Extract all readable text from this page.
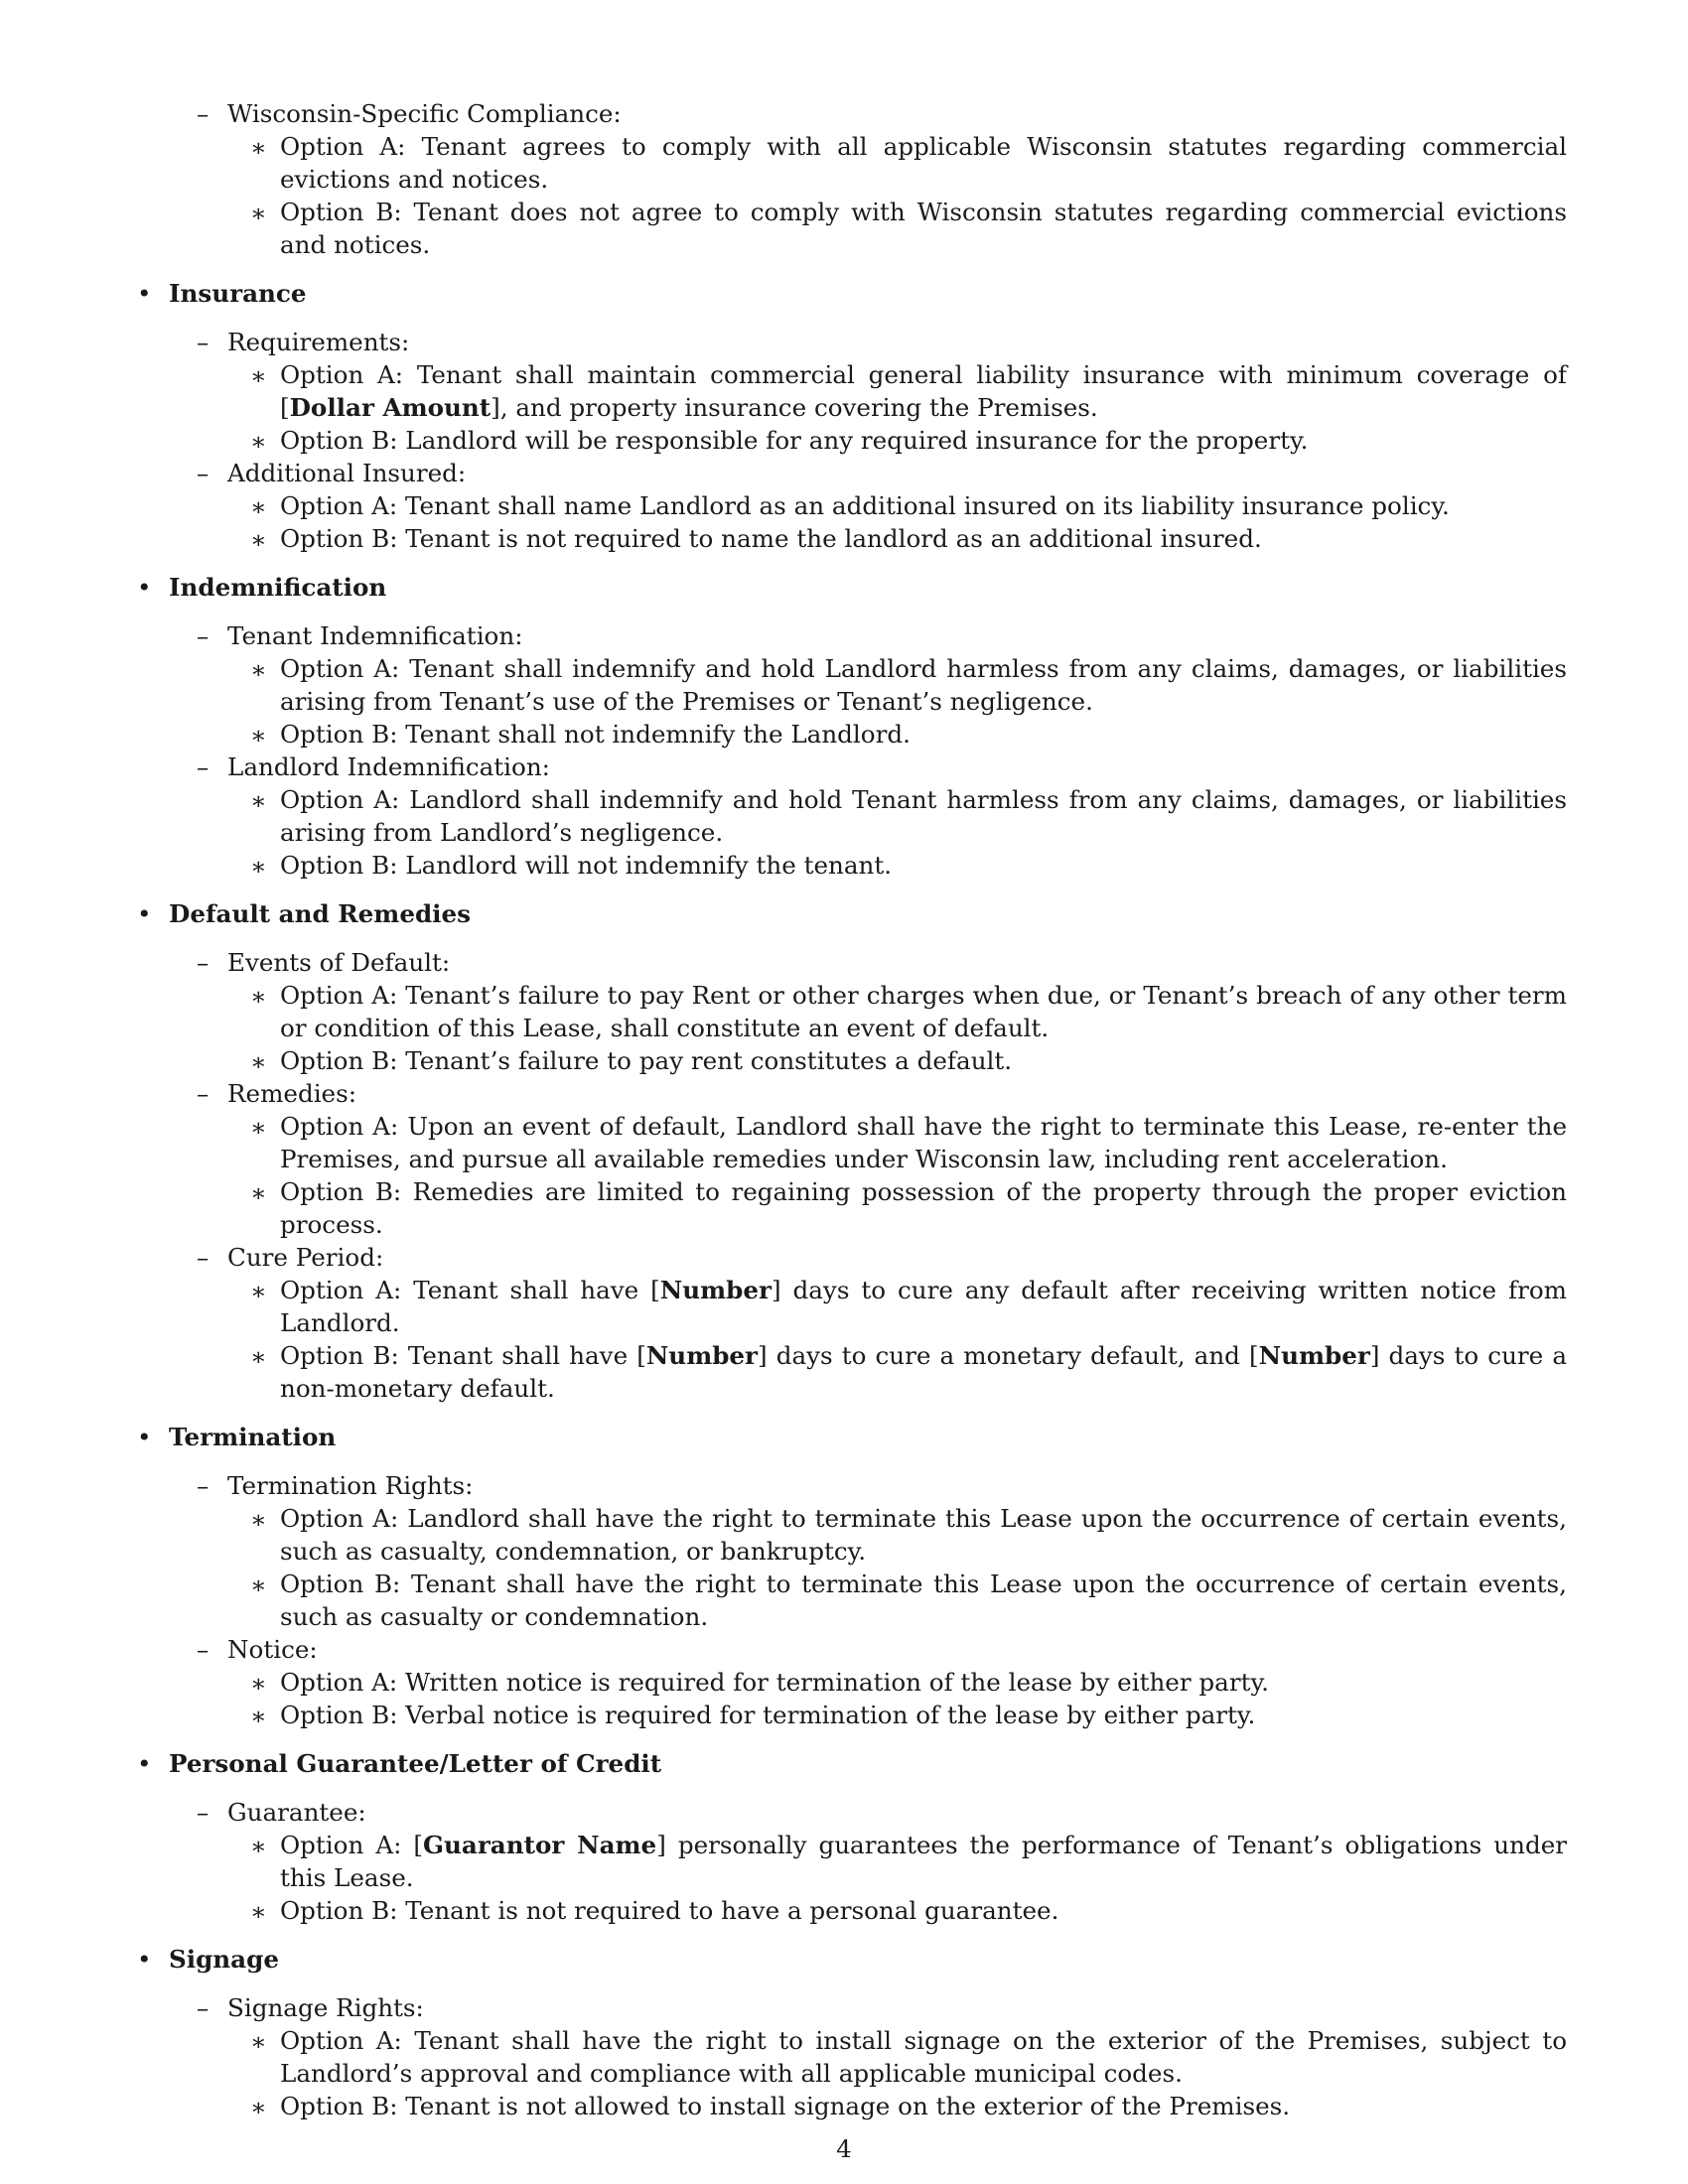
– Wisconsin-Specific Compliance:
∗ Option A: Tenant agrees to comply with all applicable Wisconsin statutes regarding commercial evictions and notices.
∗ Option B: Tenant does not agree to comply with Wisconsin statutes regarding commercial evictions and notices.
• Insurance
– Requirements:
∗ Option A: Tenant shall maintain commercial general liability insurance with minimum coverage of [Dollar Amount], and property insurance covering the Premises.
∗ Option B: Landlord will be responsible for any required insurance for the property.
– Additional Insured:
∗ Option A: Tenant shall name Landlord as an additional insured on its liability insurance policy.
∗ Option B: Tenant is not required to name the landlord as an additional insured.
• Indemnification
– Tenant Indemnification:
∗ Option A: Tenant shall indemnify and hold Landlord harmless from any claims, damages, or liabilities arising from Tenant’s use of the Premises or Tenant’s negligence.
∗ Option B: Tenant shall not indemnify the Landlord.
– Landlord Indemnification:
∗ Option A: Landlord shall indemnify and hold Tenant harmless from any claims, damages, or liabilities arising from Landlord’s negligence.
∗ Option B: Landlord will not indemnify the tenant.
• Default and Remedies
– Events of Default:
∗ Option A: Tenant’s failure to pay Rent or other charges when due, or Tenant’s breach of any other term or condition of this Lease, shall constitute an event of default.
∗ Option B: Tenant’s failure to pay rent constitutes a default.
– Remedies:
∗ Option A: Upon an event of default, Landlord shall have the right to terminate this Lease, re-enter the Premises, and pursue all available remedies under Wisconsin law, including rent acceleration.
∗ Option B: Remedies are limited to regaining possession of the property through the proper eviction process.
– Cure Period:
∗ Option A: Tenant shall have [Number] days to cure any default after receiving written notice from Landlord.
∗ Option B: Tenant shall have [Number] days to cure a monetary default, and [Number] days to cure a non-monetary default.
• Termination
– Termination Rights:
∗ Option A: Landlord shall have the right to terminate this Lease upon the occurrence of certain events, such as casualty, condemnation, or bankruptcy.
∗ Option B: Tenant shall have the right to terminate this Lease upon the occurrence of certain events, such as casualty or condemnation.
– Notice:
∗ Option A: Written notice is required for termination of the lease by either party.
∗ Option B: Verbal notice is required for termination of the lease by either party.
• Personal Guarantee/Letter of Credit
– Guarantee:
∗ Option A: [Guarantor Name] personally guarantees the performance of Tenant’s obligations under this Lease.
∗ Option B: Tenant is not required to have a personal guarantee.
• Signage
– Signage Rights:
∗ Option A: Tenant shall have the right to install signage on the exterior of the Premises, subject to Landlord’s approval and compliance with all applicable municipal codes.
∗ Option B: Tenant is not allowed to install signage on the exterior of the Premises.
4
